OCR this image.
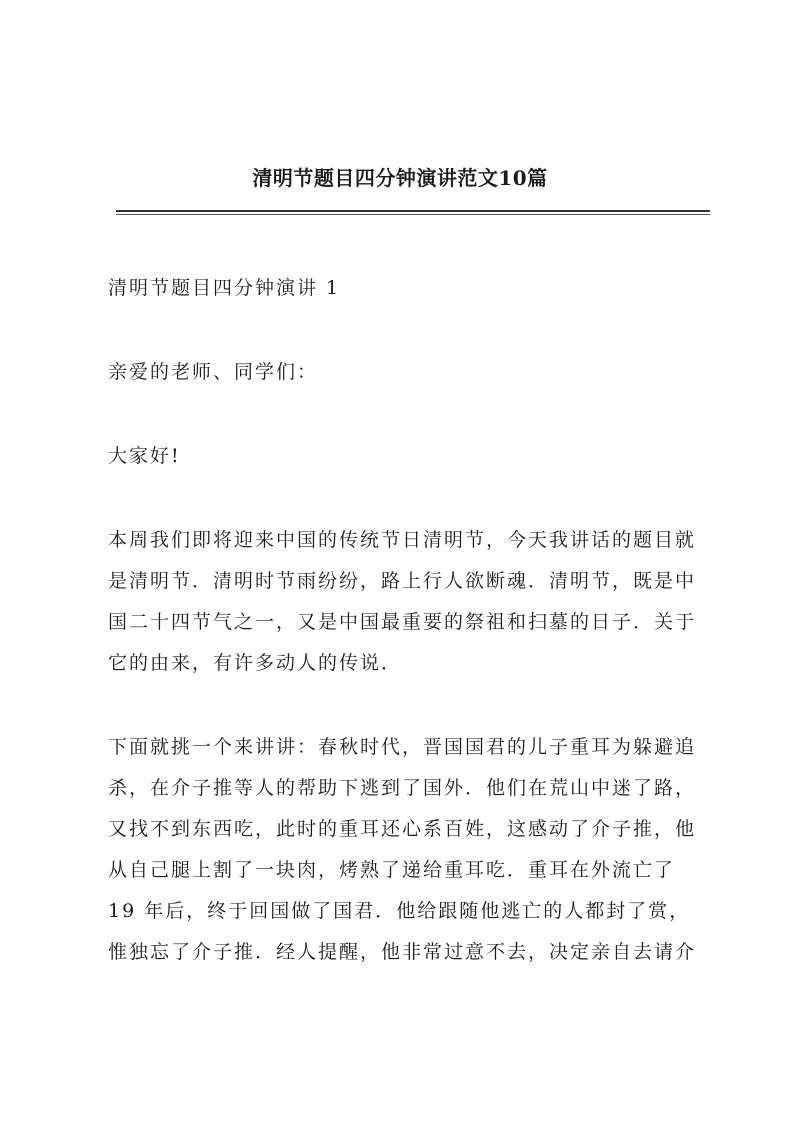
清明节题目四分钟演讲范文10篇
清明节题目四分钟演讲 1
亲爱的老师、同学们：
大家好!
本周我们即将迎来中国的传统节日清明节，今天我讲话的题目就
是清明节．清明时节雨纷纷，路上行人欲断魂．清明节，既是中
国二十四节气之一，又是中国最重要的祭祖和扫墓的日子．关于
它的由来，有许多动人的传说．
下面就挑一个来讲讲：春秋时代，晋国国君的儿子重耳为躲避追
杀，在介子推等人的帮助下逃到了国外．他们在荒山中迷了路，
又找不到东西吃，此时的重耳还心系百姓，这感动了介子推，他
从自己腿上割了一块肉，烤熟了递给重耳吃．重耳在外流亡了
19 年后，终于回国做了国君．他给跟随他逃亡的人都封了赏，
惟独忘了介子推．经人提醒，他非常过意不去，决定亲自去请介
